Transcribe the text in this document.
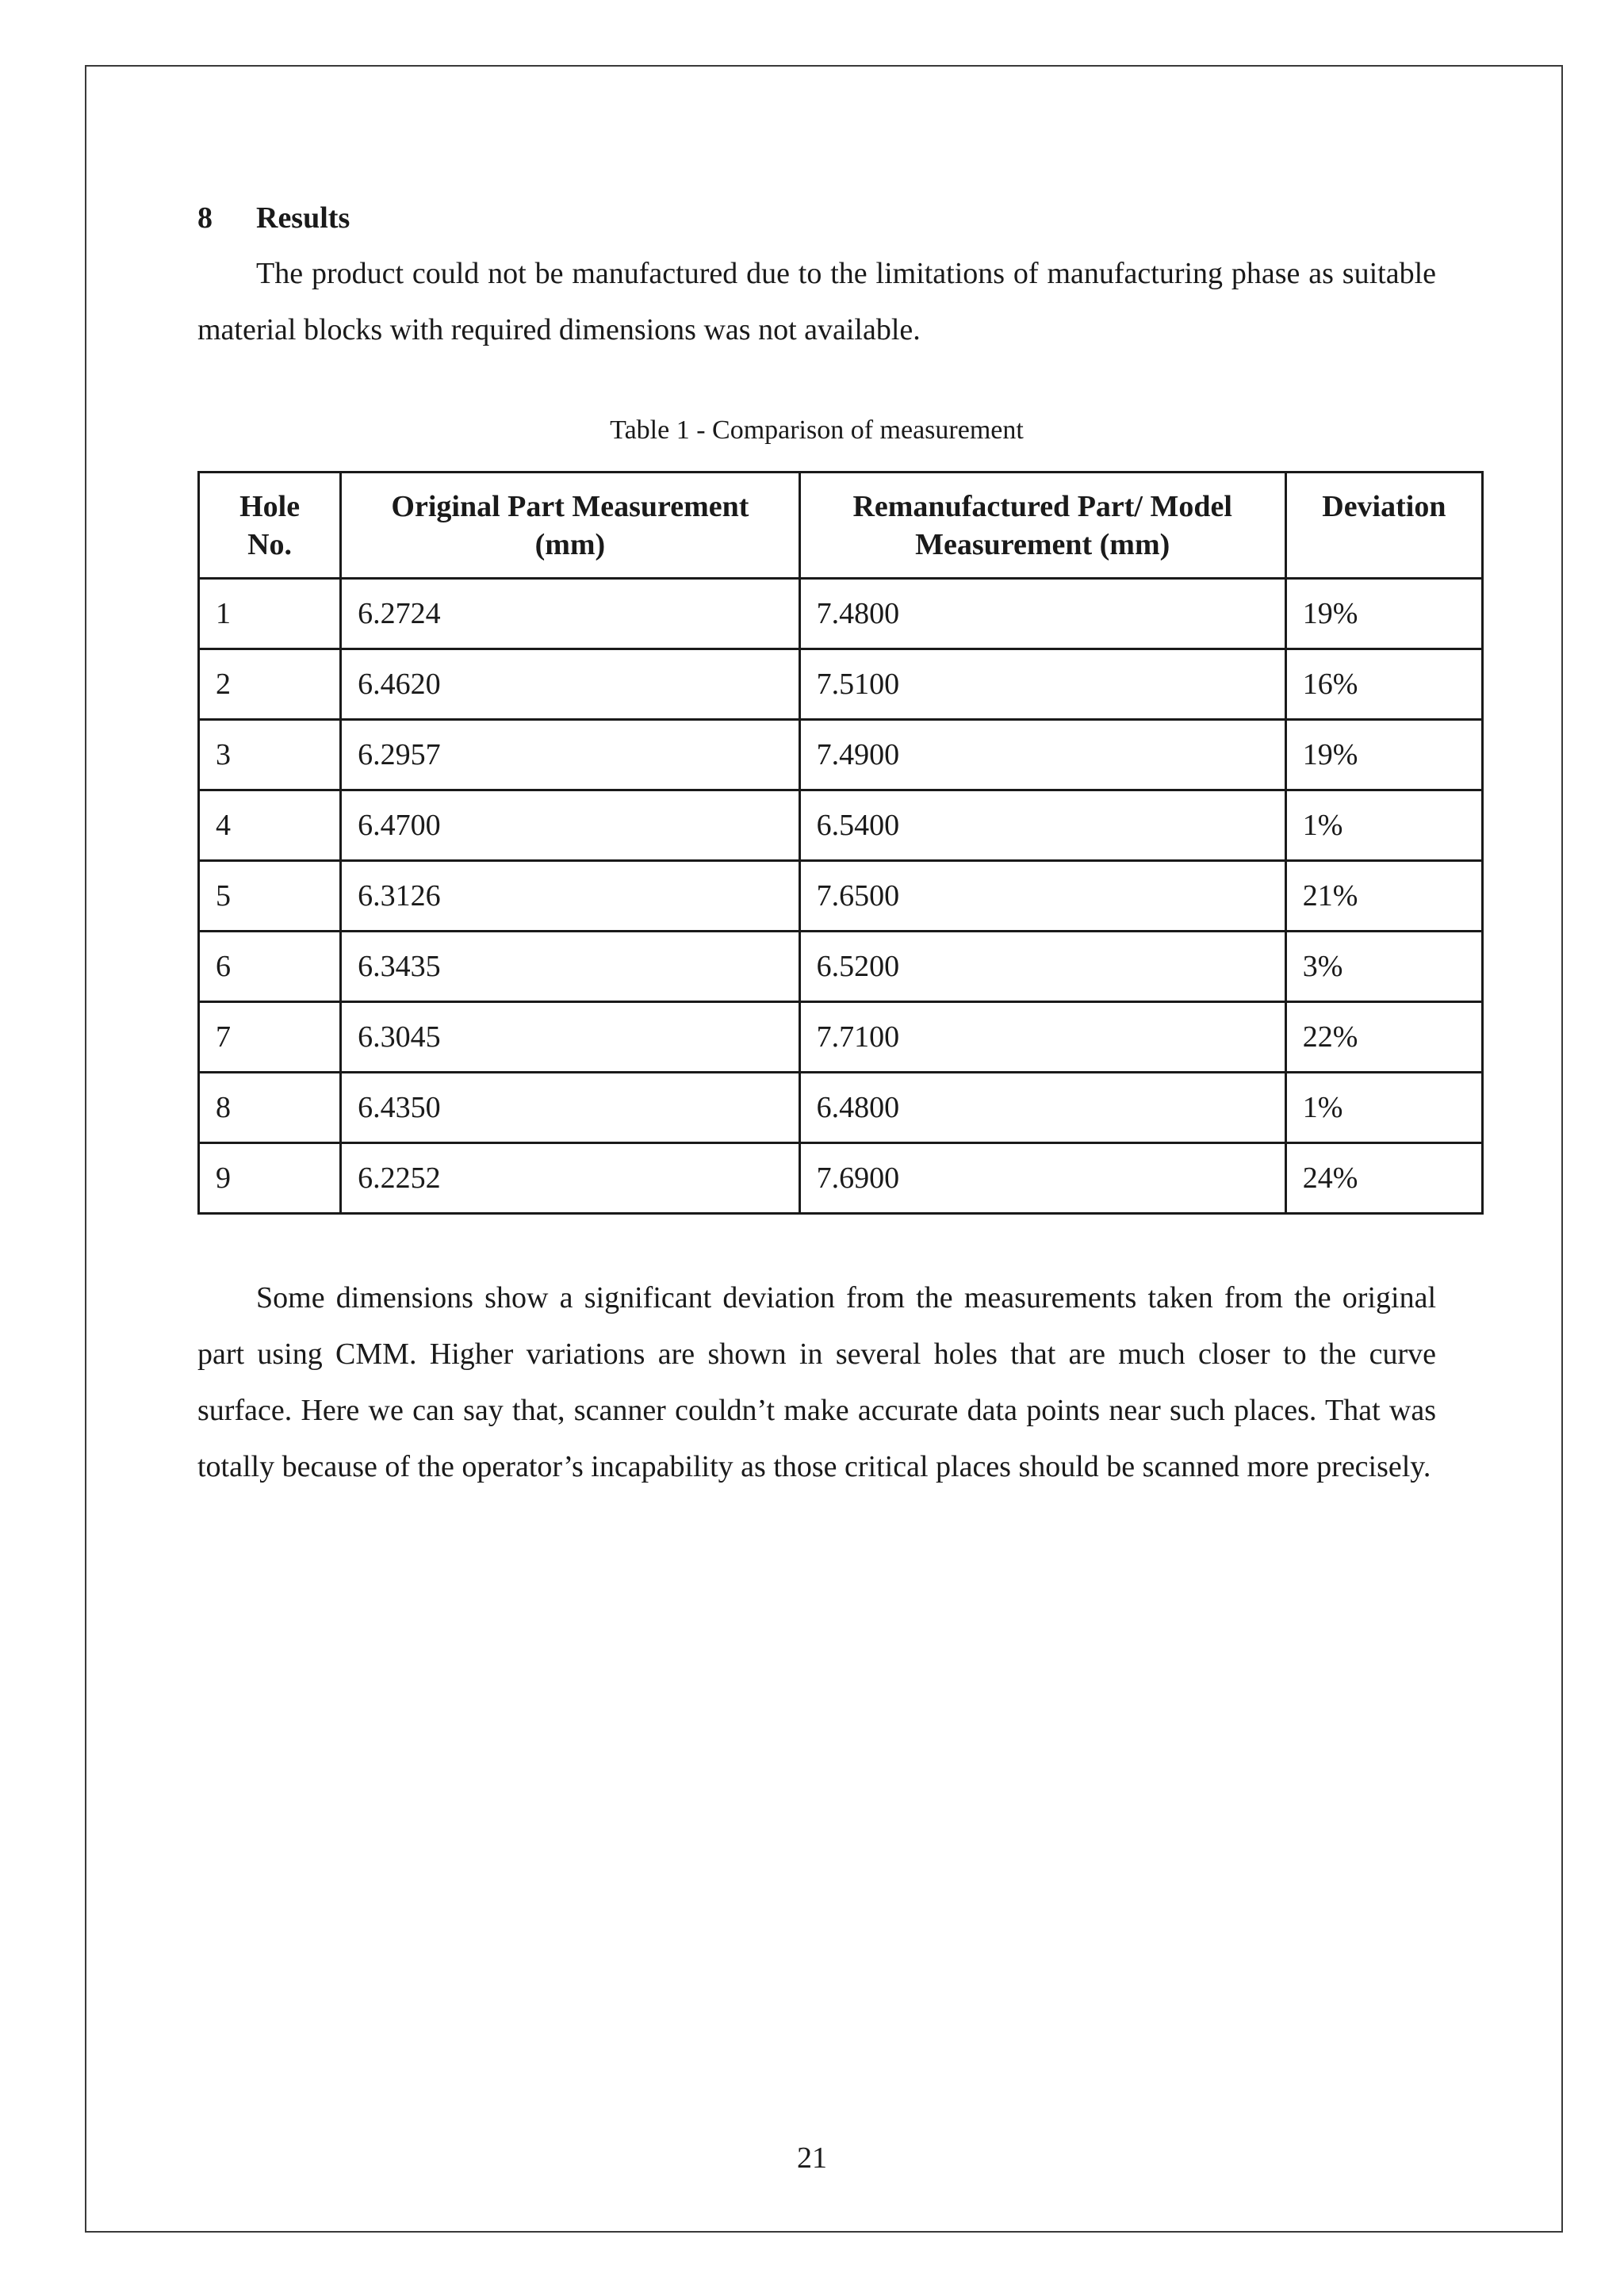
8	Results

The product could not be manufactured due to the limitations of manufacturing phase as suitable material blocks with required dimensions was not available.

Table 1 - Comparison of measurement
Hole No.	Original Part Measurement (mm)	Remanufactured Part/ Model Measurement (mm)	Deviation
1	6.2724	7.4800	19%
2	6.4620	7.5100	16%
3	6.2957	7.4900	19%
4	6.4700	6.5400	1%
5	6.3126	7.6500	21%
6	6.3435	6.5200	3%
7	6.3045	7.7100	22%
8	6.4350	6.4800	1%
9	6.2252	7.6900	24%

Some dimensions show a significant deviation from the measurements taken from the original part using CMM. Higher variations are shown in several holes that are much closer to the curve surface. Here we can say that, scanner couldn’t make accurate data points near such places. That was totally because of the operator’s incapability as those critical places should be scanned more precisely.

21
